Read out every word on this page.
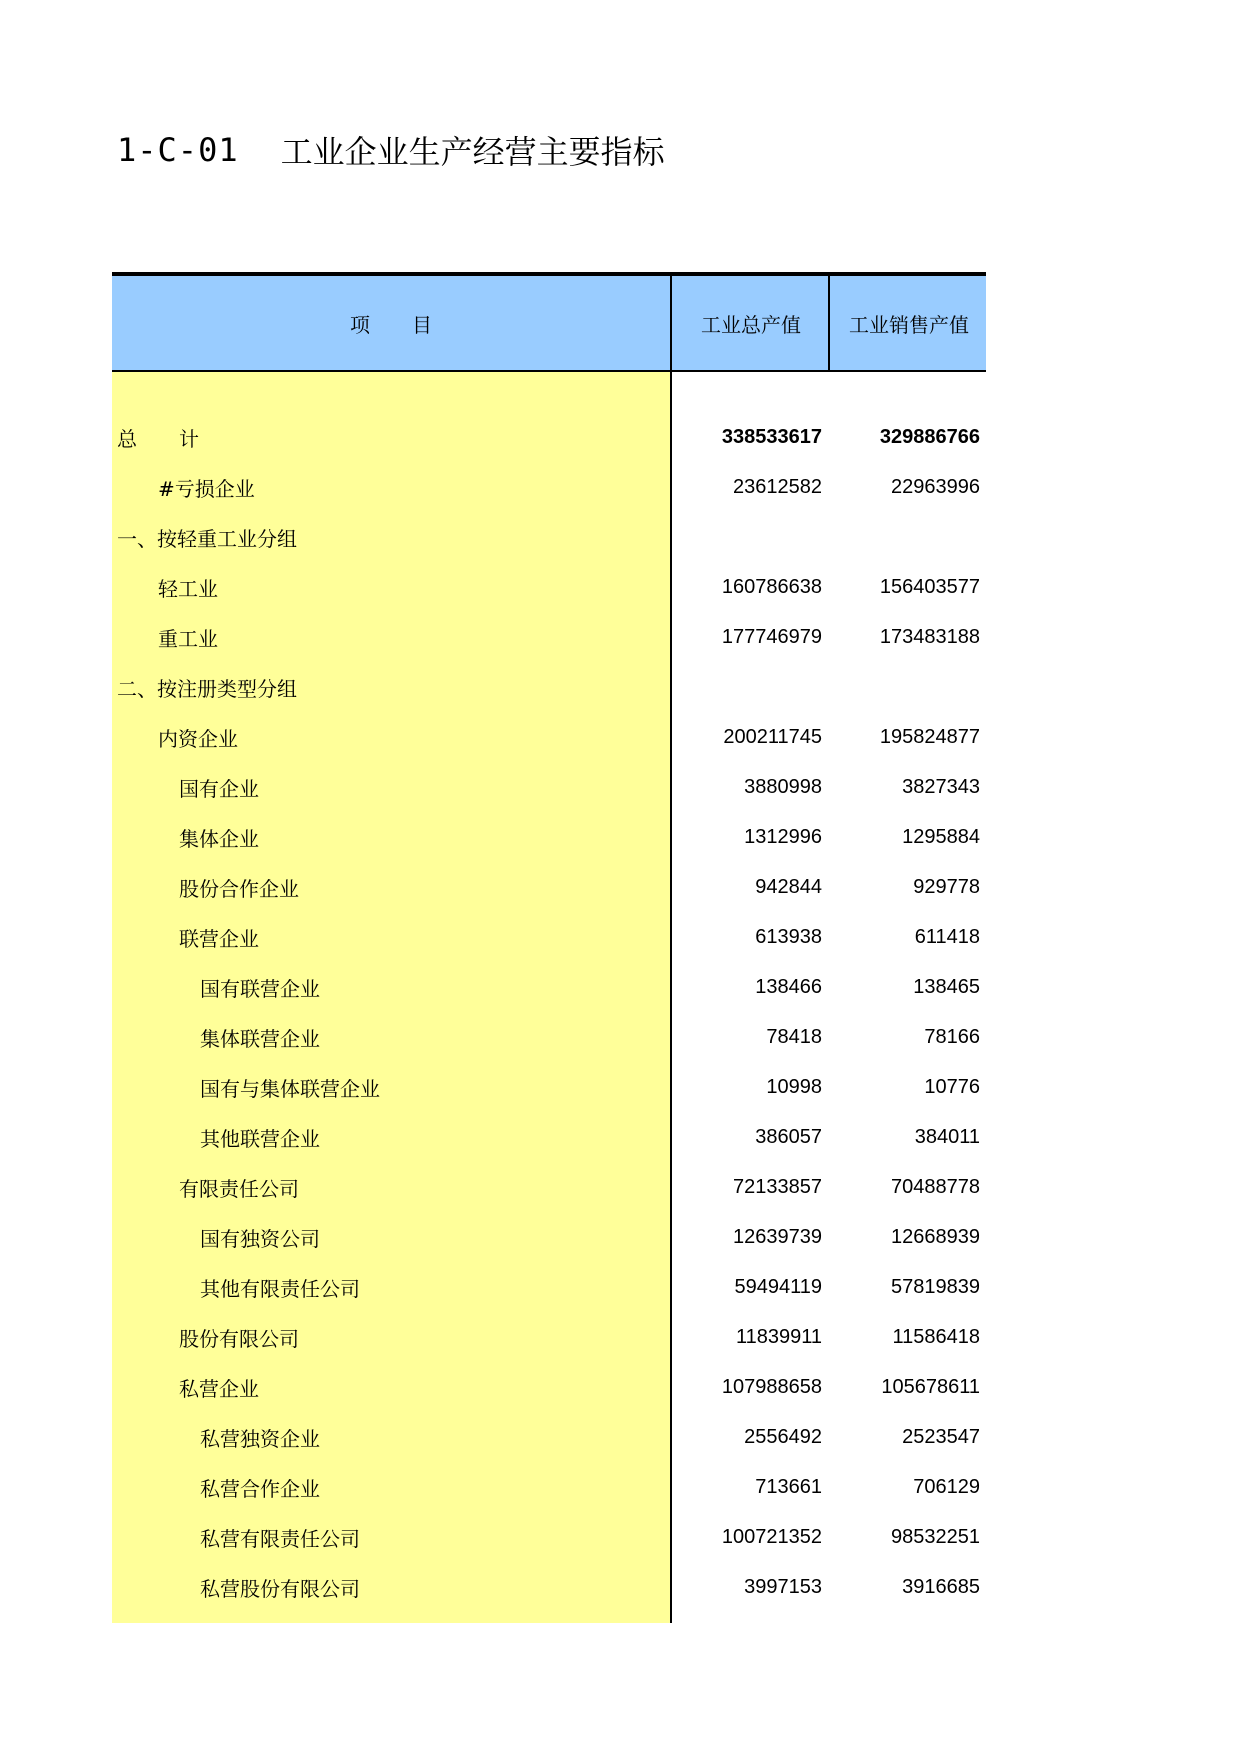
1-C-01 工业企业生产经营主要指标
项 目	工业总产值	工业销售产值
总 计	338533617	329886766
#亏损企业	23612582	22963996
一、按轻重工业分组
轻工业	160786638	156403577
重工业	177746979	173483188
二、按注册类型分组
内资企业	200211745	195824877
国有企业	3880998	3827343
集体企业	1312996	1295884
股份合作企业	942844	929778
联营企业	613938	611418
国有联营企业	138466	138465
集体联营企业	78418	78166
国有与集体联营企业	10998	10776
其他联营企业	386057	384011
有限责任公司	72133857	70488778
国有独资公司	12639739	12668939
其他有限责任公司	59494119	57819839
股份有限公司	11839911	11586418
私营企业	107988658	105678611
私营独资企业	2556492	2523547
私营合作企业	713661	706129
私营有限责任公司	100721352	98532251
私营股份有限公司	3997153	3916685
